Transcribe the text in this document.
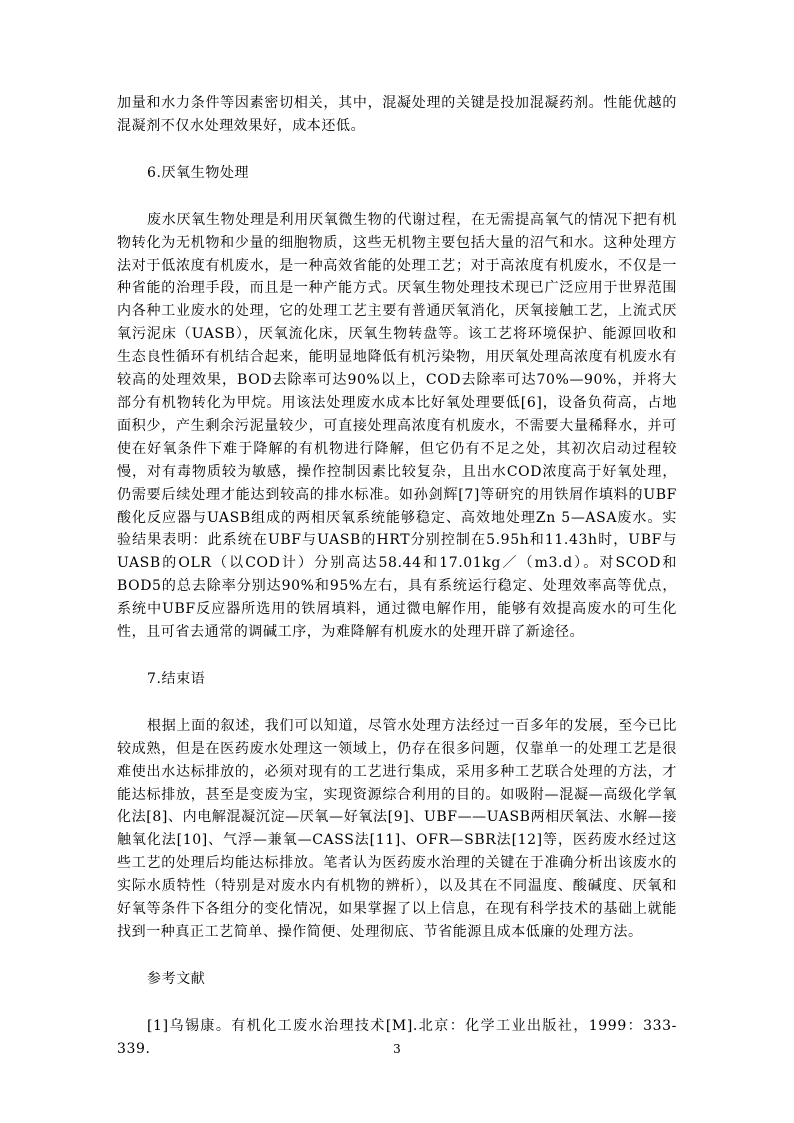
加量和水力条件等因素密切相关，其中，混凝处理的关键是投加混凝药剂。性能优越的混凝剂不仅水处理效果好，成本还低。

6.厌氧生物处理

废水厌氧生物处理是利用厌氧微生物的代谢过程，在无需提高氧气的情况下把有机物转化为无机物和少量的细胞物质，这些无机物主要包括大量的沼气和水。这种处理方法对于低浓度有机废水，是一种高效省能的处理工艺；对于高浓度有机废水，不仅是一种省能的治理手段，而且是一种产能方式。厌氧生物处理技术现已广泛应用于世界范围内各种工业废水的处理，它的处理工艺主要有普通厌氧消化，厌氧接触工艺，上流式厌氧污泥床（UASB），厌氧流化床，厌氧生物转盘等。该工艺将环境保护、能源回收和生态良性循环有机结合起来，能明显地降低有机污染物，用厌氧处理高浓度有机废水有较高的处理效果，BOD去除率可达90%以上，COD去除率可达70%—90%，并将大部分有机物转化为甲烷。用该法处理废水成本比好氧处理要低[6]，设备负荷高，占地面积少，产生剩余污泥量较少，可直接处理高浓度有机废水，不需要大量稀释水，并可使在好氧条件下难于降解的有机物进行降解，但它仍有不足之处，其初次启动过程较慢，对有毒物质较为敏感，操作控制因素比较复杂，且出水COD浓度高于好氧处理，仍需要后续处理才能达到较高的排水标准。如孙剑辉[7]等研究的用铁屑作填料的UBF酸化反应器与UASB组成的两相厌氧系统能够稳定、高效地处理Zn 5—ASA废水。实验结果表明：此系统在UBF与UASB的HRT分别控制在5.95h和11.43h时，UBF与UASB的OLR（以COD计）分别高达58.44和17.01kg／（m3.d）。对SCOD和BOD5的总去除率分别达90%和95%左右，具有系统运行稳定、处理效率高等优点，系统中UBF反应器所选用的铁屑填料，通过微电解作用，能够有效提高废水的可生化性，且可省去通常的调碱工序，为难降解有机废水的处理开辟了新途径。

7.结束语

根据上面的叙述，我们可以知道，尽管水处理方法经过一百多年的发展，至今已比较成熟，但是在医药废水处理这一领域上，仍存在很多问题，仅靠单一的处理工艺是很难使出水达标排放的，必须对现有的工艺进行集成，采用多种工艺联合处理的方法，才能达标排放，甚至是变废为宝，实现资源综合利用的目的。如吸附—混凝—高级化学氧化法[8]、内电解混凝沉淀—厌氧—好氧法[9]、UBF——UASB两相厌氧法、水解—接触氧化法[10]、气浮—兼氧—CASS法[11]、OFR—SBR法[12]等，医药废水经过这些工艺的处理后均能达标排放。笔者认为医药废水治理的关键在于准确分析出该废水的实际水质特性（特别是对废水内有机物的辨析），以及其在不同温度、酸碱度、厌氧和好氧等条件下各组分的变化情况，如果掌握了以上信息，在现有科学技术的基础上就能找到一种真正工艺简单、操作简便、处理彻底、节省能源且成本低廉的处理方法。

参考文献

[1]乌锡康。有机化工废水治理技术[M].北京：化学工业出版社，1999：333-339.	3
